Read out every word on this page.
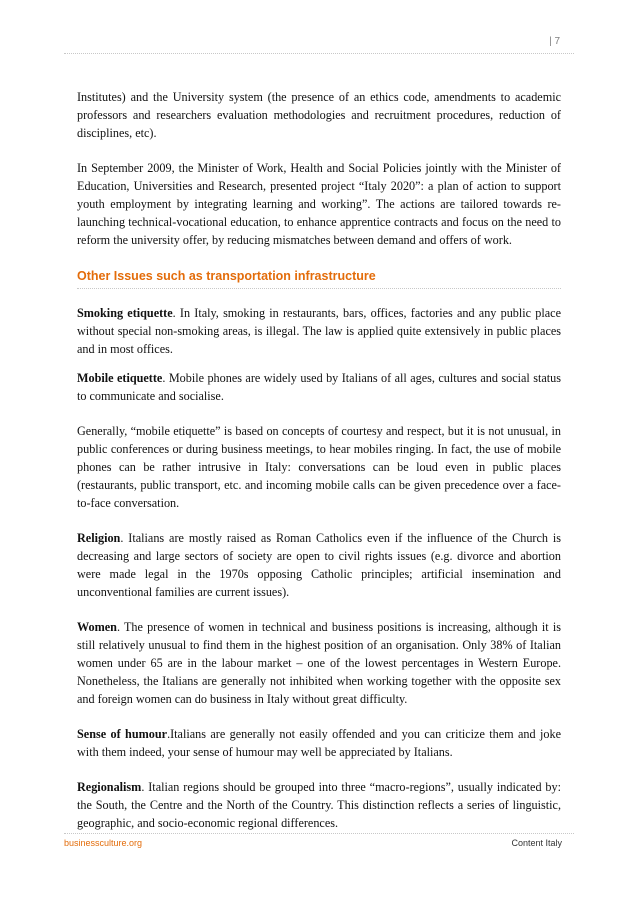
| 7

Institutes) and the University system (the presence of an ethics code, amendments to academic professors and researchers evaluation methodologies and recruitment procedures, reduction of disciplines, etc).

In September 2009, the Minister of Work, Health and Social Policies jointly with the Minister of Education, Universities and Research, presented project “Italy 2020”: a plan of action to support youth employment by integrating learning and working”. The actions are tailored towards re-launching technical-vocational education, to enhance apprentice contracts and focus on the need to reform the university offer, by reducing mismatches between demand and offers of work.

Other Issues such as transportation infrastructure

Smoking etiquette. In Italy, smoking in restaurants, bars, offices, factories and any public place without special non-smoking areas, is illegal. The law is applied quite extensively in public places and in most offices.

Mobile etiquette. Mobile phones are widely used by Italians of all ages, cultures and social status to communicate and socialise.

Generally, “mobile etiquette” is based on concepts of courtesy and respect, but it is not unusual, in public conferences or during business meetings, to hear mobiles ringing. In fact, the use of mobile phones can be rather intrusive in Italy: conversations can be loud even in public places (restaurants, public transport, etc. and incoming mobile calls can be given precedence over a face-to-face conversation.

Religion. Italians are mostly raised as Roman Catholics even if the influence of the Church is decreasing and large sectors of society are open to civil rights issues (e.g. divorce and abortion were made legal in the 1970s opposing Catholic principles; artificial insemination and unconventional families are current issues).

Women. The presence of women in technical and business positions is increasing, although it is still relatively unusual to find them in the highest position of an organisation. Only 38% of Italian women under 65 are in the labour market – one of the lowest percentages in Western Europe. Nonetheless, the Italians are generally not inhibited when working together with the opposite sex and foreign women can do business in Italy without great difficulty.

Sense of humour.Italians are generally not easily offended and you can criticize them and joke with them indeed, your sense of humour may well be appreciated by Italians.

Regionalism. Italian regions should be grouped into three “macro-regions”, usually indicated by: the South, the Centre and the North of the Country. This distinction reflects a series of linguistic, geographic, and socio-economic regional differences.

businessculture.org	Content Italy
